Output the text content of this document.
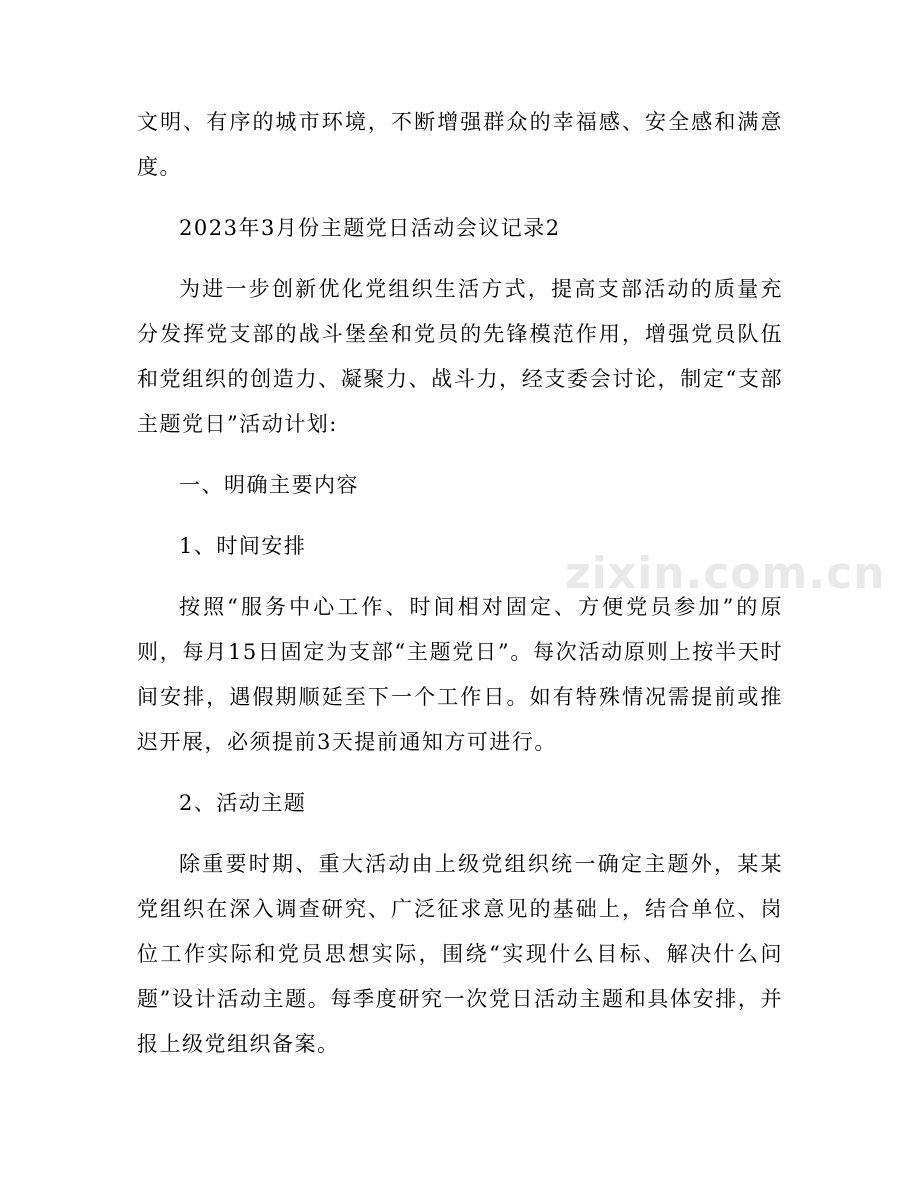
zixin.com.cn

文明、有序的城市环境，不断增强群众的幸福感、安全感和满意度。

2023年3月份主题党日活动会议记录2

为进一步创新优化党组织生活方式，提高支部活动的质量充分发挥党支部的战斗堡垒和党员的先锋模范作用，增强党员队伍和党组织的创造力、凝聚力、战斗力，经支委会讨论，制定“支部主题党日”活动计划:

一、明确主要内容

1、时间安排

按照“服务中心工作、时间相对固定、方便党员参加”的原则，每月15日固定为支部“主题党日”。每次活动原则上按半天时间安排，遇假期顺延至下一个工作日。如有特殊情况需提前或推迟开展，必须提前3天提前通知方可进行。

2、活动主题

除重要时期、重大活动由上级党组织统一确定主题外，某某党组织在深入调查研究、广泛征求意见的基础上，结合单位、岗位工作实际和党员思想实际，围绕“实现什么目标、解决什么问题”设计活动主题。每季度研究一次党日活动主题和具体安排，并报上级党组织备案。
